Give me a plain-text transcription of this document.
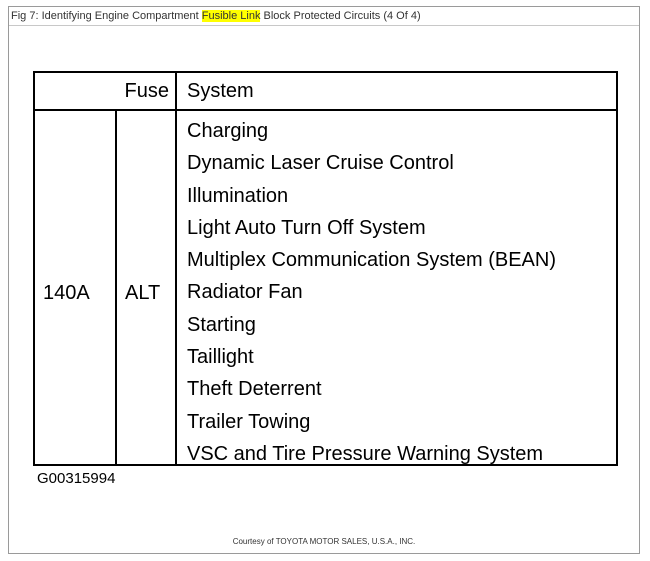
Fig 7: Identifying Engine Compartment Fusible Link Block Protected Circuits (4 Of 4)
Fuse System
140A ALT
Charging
Dynamic Laser Cruise Control
Illumination
Light Auto Turn Off System
Multiplex Communication System (BEAN)
Radiator Fan
Starting
Taillight
Theft Deterrent
Trailer Towing
VSC and Tire Pressure Warning System
G00315994
Courtesy of TOYOTA MOTOR SALES, U.S.A., INC.
